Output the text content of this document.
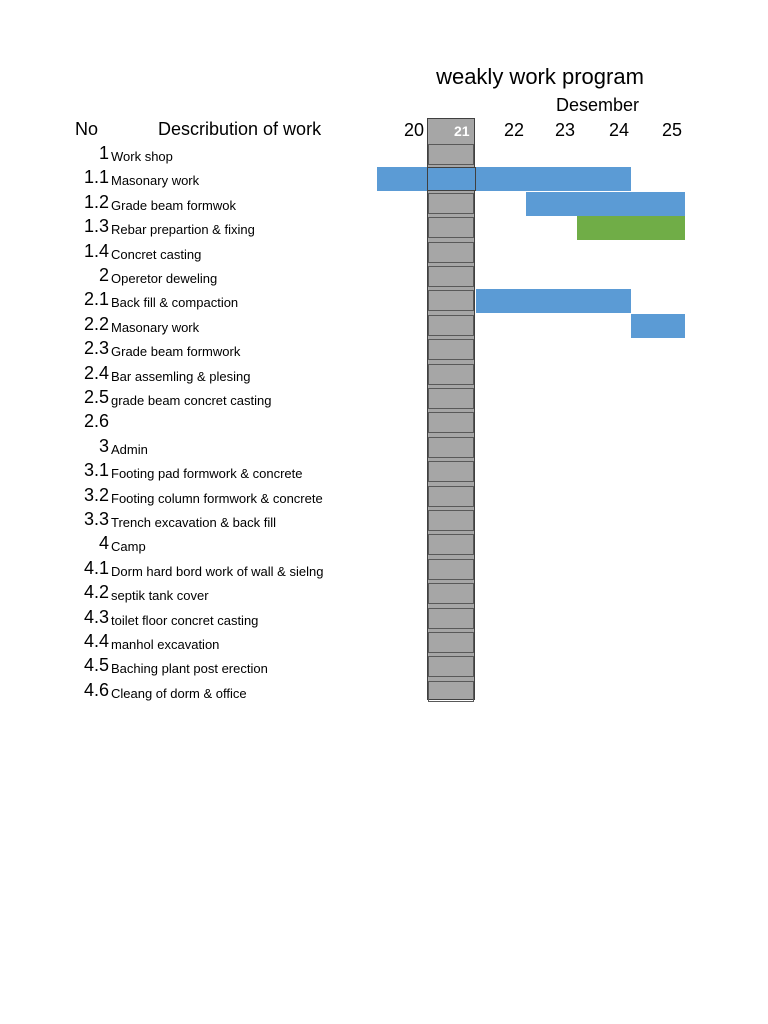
weakly work program
Desember
No	Describution of work	20 21 22 23 24 25
1 Work shop
1.1 Masonary work
1.2 Grade beam formwok
1.3 Rebar prepartion & fixing
1.4 Concret casting
2 Operetor deweling
2.1 Back fill & compaction
2.2 Masonary work
2.3 Grade beam formwork
2.4 Bar assemling & plesing
2.5 grade beam concret casting
2.6
3 Admin
3.1 Footing pad formwork & concrete
3.2 Footing column formwork & concrete
3.3 Trench excavation & back fill
4 Camp
4.1 Dorm hard bord work of wall & sielng
4.2 septik tank cover
4.3 toilet floor concret casting
4.4 manhol excavation
4.5 Baching plant post erection
4.6 Cleang of dorm & office
